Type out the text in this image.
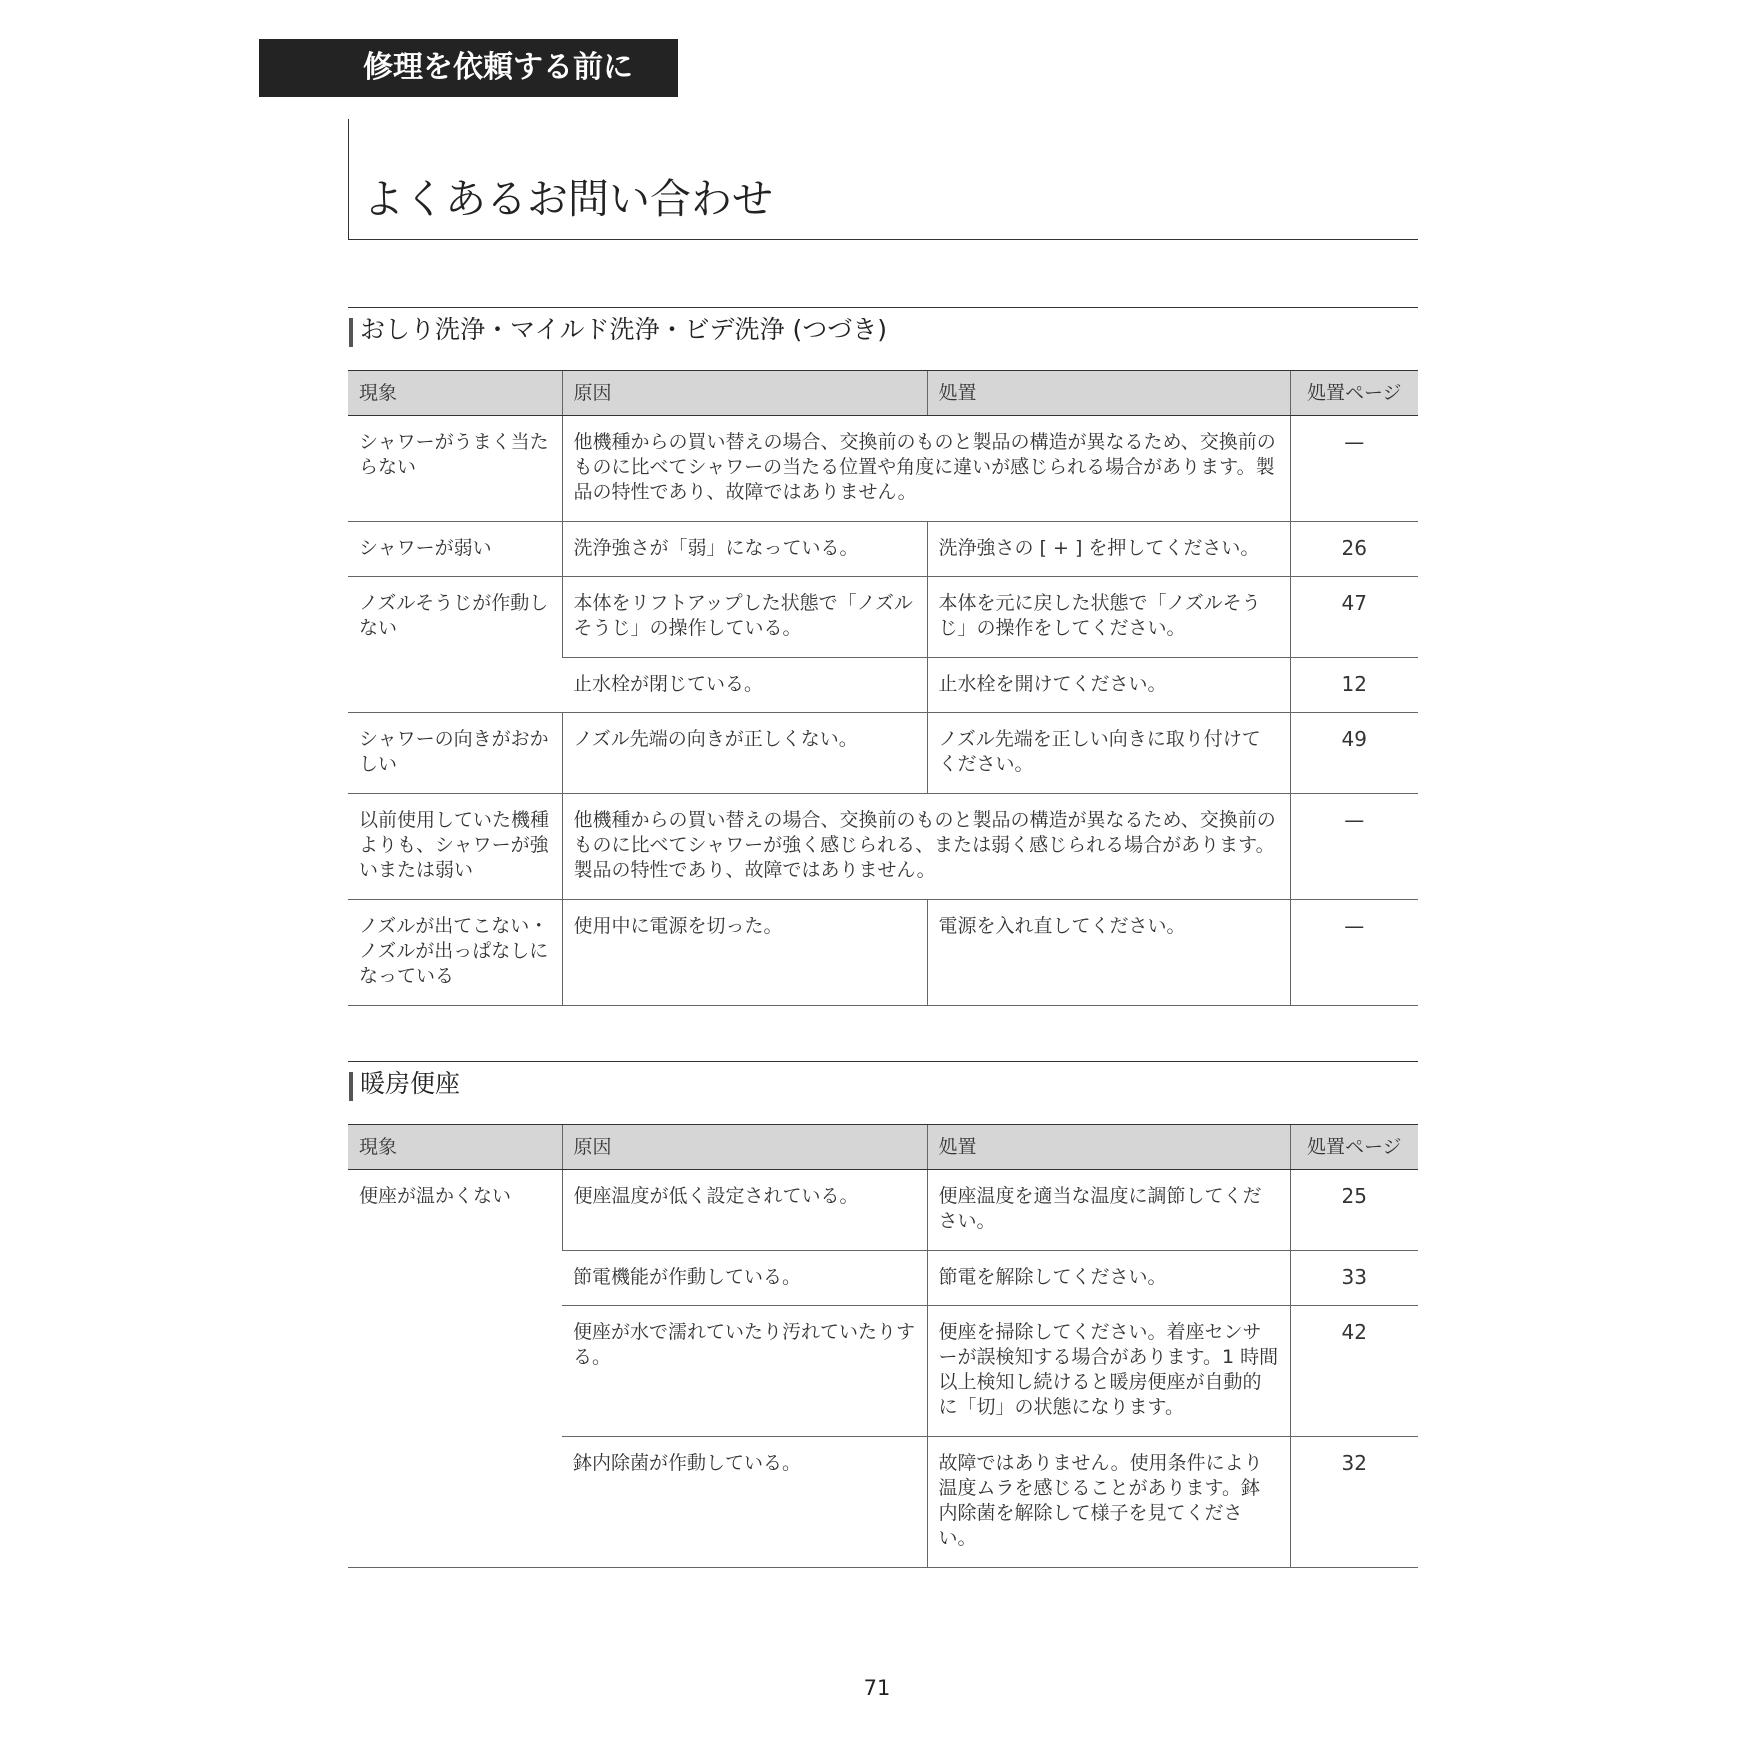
修理を依頼する前に
よくあるお問い合わせ
おしり洗浄・マイルド洗浄・ビデ洗浄 (つづき)
現象	原因	処置	処置ページ
シャワーがうまく当たらない	他機種からの買い替えの場合、交換前のものと製品の構造が異なるため、交換前のものに比べてシャワーの当たる位置や角度に違いが感じられる場合があります。製品の特性であり、故障ではありません。		—
シャワーが弱い	洗浄強さが「弱」になっている。	洗浄強さの [ + ] を押してください。	26
ノズルそうじが作動しない	本体をリフトアップした状態で「ノズルそうじ」の操作している。	本体を元に戻した状態で「ノズルそうじ」の操作をしてください。	47
	止水栓が閉じている。	止水栓を開けてください。	12
シャワーの向きがおかしい	ノズル先端の向きが正しくない。	ノズル先端を正しい向きに取り付けてください。	49
以前使用していた機種よりも、シャワーが強いまたは弱い	他機種からの買い替えの場合、交換前のものと製品の構造が異なるため、交換前のものに比べてシャワーが強く感じられる、または弱く感じられる場合があります。製品の特性であり、故障ではありません。		—
ノズルが出てこない・ノズルが出っぱなしになっている	使用中に電源を切った。	電源を入れ直してください。	—
暖房便座
現象	原因	処置	処置ページ
便座が温かくない	便座温度が低く設定されている。	便座温度を適当な温度に調節してください。	25
	節電機能が作動している。	節電を解除してください。	33
	便座が水で濡れていたり汚れていたりする。	便座を掃除してください。着座センサーが誤検知する場合があります。1 時間以上検知し続けると暖房便座が自動的に「切」の状態になります。	42
	鉢内除菌が作動している。	故障ではありません。使用条件により温度ムラを感じることがあります。鉢内除菌を解除して様子を見てください。	32
71
